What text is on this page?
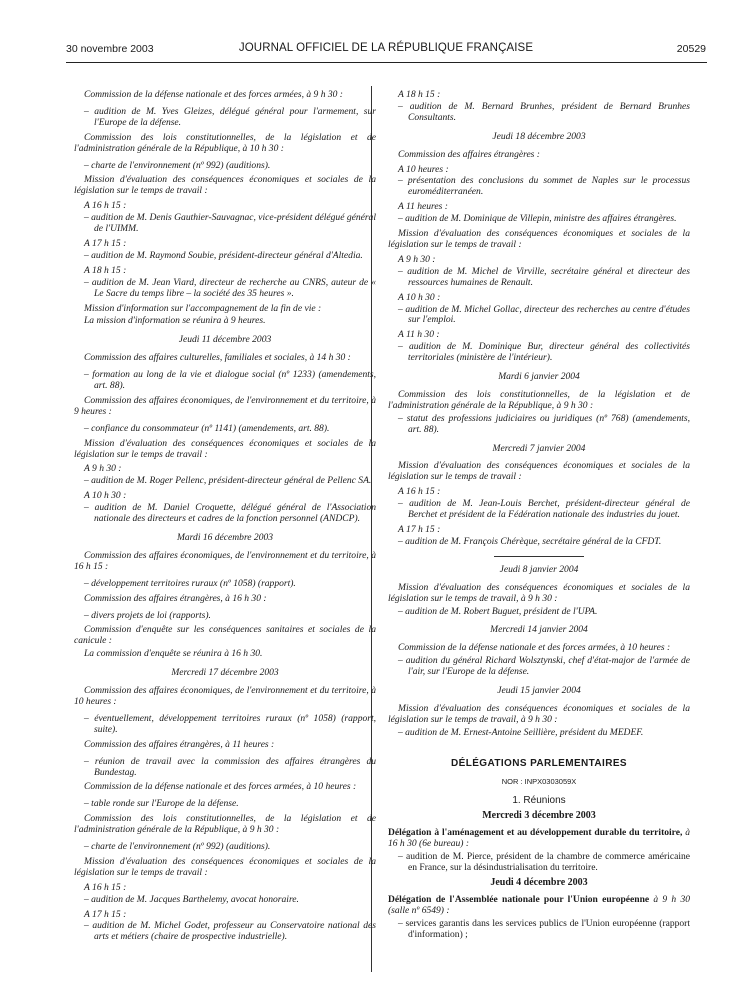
30 novembre 2003	JOURNAL OFFICIEL DE LA RÉPUBLIQUE FRANÇAISE	20529
Commission de la défense nationale et des forces armées, à 9 h 30 :
– audition de M. Yves Gleizes, délégué général pour l'armement, sur l'Europe de la défense.
Commission des lois constitutionnelles, de la législation et de l'administration générale de la République, à 10 h 30 :
– charte de l'environnement (nº 992) (auditions).
Mission d'évaluation des conséquences économiques et sociales de la législation sur le temps de travail :
A 16 h 15 :
– audition de M. Denis Gauthier-Sauvagnac, vice-président délégué général de l'UIMM.
A 17 h 15 :
– audition de M. Raymond Soubie, président-directeur général d'Altedia.
A 18 h 15 :
– audition de M. Jean Viard, directeur de recherche au CNRS, auteur de « Le Sacre du temps libre – la société des 35 heures ».
Mission d'information sur l'accompagnement de la fin de vie :
La mission d'information se réunira à 9 heures.
Jeudi 11 décembre 2003
Commission des affaires culturelles, familiales et sociales, à 14 h 30 :
– formation au long de la vie et dialogue social (nº 1233) (amendements, art. 88).
Commission des affaires économiques, de l'environnement et du territoire, à 9 heures :
– confiance du consommateur (nº 1141) (amendements, art. 88).
Mission d'évaluation des conséquences économiques et sociales de la législation sur le temps de travail :
A 9 h 30 :
– audition de M. Roger Pellenc, président-directeur général de Pellenc SA.
A 10 h 30 :
– audition de M. Daniel Croquette, délégué général de l'Association nationale des directeurs et cadres de la fonction personnel (ANDCP).
Mardi 16 décembre 2003
Commission des affaires économiques, de l'environnement et du territoire, à 16 h 15 :
– développement territoires ruraux (nº 1058) (rapport).
Commission des affaires étrangères, à 16 h 30 :
– divers projets de loi (rapports).
Commission d'enquête sur les conséquences sanitaires et sociales de la canicule :
La commission d'enquête se réunira à 16 h 30.
Mercredi 17 décembre 2003
Commission des affaires économiques, de l'environnement et du territoire, à 10 heures :
– éventuellement, développement territoires ruraux (nº 1058) (rapport, suite).
Commission des affaires étrangères, à 11 heures :
– réunion de travail avec la commission des affaires étrangères du Bundestag.
Commission de la défense nationale et des forces armées, à 10 heures :
– table ronde sur l'Europe de la défense.
Commission des lois constitutionnelles, de la législation et de l'administration générale de la République, à 9 h 30 :
– charte de l'environnement (nº 992) (auditions).
Mission d'évaluation des conséquences économiques et sociales de la législation sur le temps de travail :
A 16 h 15 :
– audition de M. Jacques Barthelemy, avocat honoraire.
A 17 h 15 :
– audition de M. Michel Godet, professeur au Conservatoire national des arts et métiers (chaire de prospective industrielle).
A 18 h 15 :
– audition de M. Bernard Brunhes, président de Bernard Brunhes Consultants.
Jeudi 18 décembre 2003
Commission des affaires étrangères :
A 10 heures :
– présentation des conclusions du sommet de Naples sur le processus euroméditerranéen.
A 11 heures :
– audition de M. Dominique de Villepin, ministre des affaires étrangères.
Mission d'évaluation des conséquences économiques et sociales de la législation sur le temps de travail :
A 9 h 30 :
– audition de M. Michel de Virville, secrétaire général et directeur des ressources humaines de Renault.
A 10 h 30 :
– audition de M. Michel Gollac, directeur des recherches au centre d'études sur l'emploi.
A 11 h 30 :
– audition de M. Dominique Bur, directeur général des collectivités territoriales (ministère de l'intérieur).
Mardi 6 janvier 2004
Commission des lois constitutionnelles, de la législation et de l'administration générale de la République, à 9 h 30 :
– statut des professions judiciaires ou juridiques (nº 768) (amendements, art. 88).
Mercredi 7 janvier 2004
Mission d'évaluation des conséquences économiques et sociales de la législation sur le temps de travail :
A 16 h 15 :
– audition de M. Jean-Louis Berchet, président-directeur général de Berchet et président de la Fédération nationale des industries du jouet.
A 17 h 15 :
– audition de M. François Chérèque, secrétaire général de la CFDT.
Jeudi 8 janvier 2004
Mission d'évaluation des conséquences économiques et sociales de la législation sur le temps de travail, à 9 h 30 :
– audition de M. Robert Buguet, président de l'UPA.
Mercredi 14 janvier 2004
Commission de la défense nationale et des forces armées, à 10 heures :
– audition du général Richard Wolsztynski, chef d'état-major de l'armée de l'air, sur l'Europe de la défense.
Jeudi 15 janvier 2004
Mission d'évaluation des conséquences économiques et sociales de la législation sur le temps de travail, à 9 h 30 :
– audition de M. Ernest-Antoine Seillière, président du MEDEF.
DÉLÉGATIONS PARLEMENTAIRES
NOR : INPX0303059X
1. Réunions
Mercredi 3 décembre 2003
Délégation à l'aménagement et au développement durable du territoire, à 16 h 30 (6e bureau) :
– audition de M. Pierce, président de la chambre de commerce américaine en France, sur la désindustrialisation du territoire.
Jeudi 4 décembre 2003
Délégation de l'Assemblée nationale pour l'Union européenne à 9 h 30 (salle nº 6549) :
– services garantis dans les services publics de l'Union européenne (rapport d'information) ;
